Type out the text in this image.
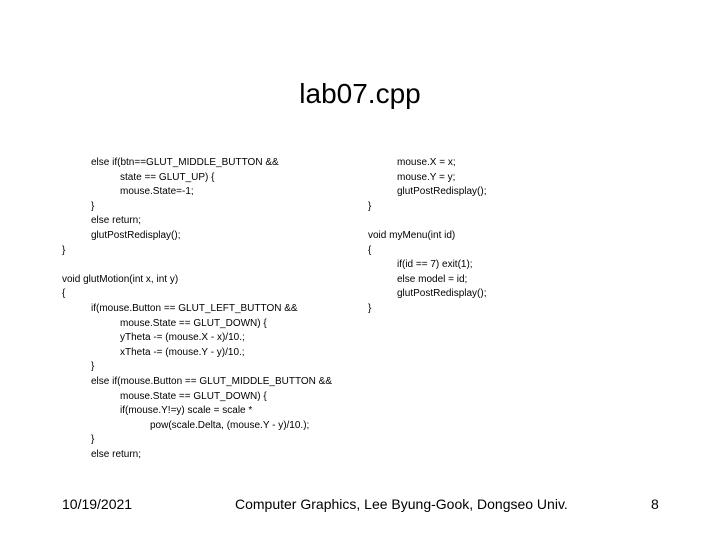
lab07.cpp
else if(btn==GLUT_MIDDLE_BUTTON &&
state == GLUT_UP) {
mouse.State=-1;
}
else return;
glutPostRedisplay();
}
void glutMotion(int x, int y)
{
if(mouse.Button == GLUT_LEFT_BUTTON &&
mouse.State == GLUT_DOWN) {
yTheta -= (mouse.X - x)/10.;
xTheta -= (mouse.Y - y)/10.;
}
else if(mouse.Button == GLUT_MIDDLE_BUTTON &&
mouse.State == GLUT_DOWN) {
if(mouse.Y!=y) scale = scale *
pow(scale.Delta, (mouse.Y - y)/10.);
}
else return;
mouse.X = x;
mouse.Y = y;
glutPostRedisplay();
}
void myMenu(int id)
{
if(id == 7) exit(1);
else model = id;
glutPostRedisplay();
}
10/19/2021	Computer Graphics, Lee Byung-Gook, Dongseo Univ.	8
